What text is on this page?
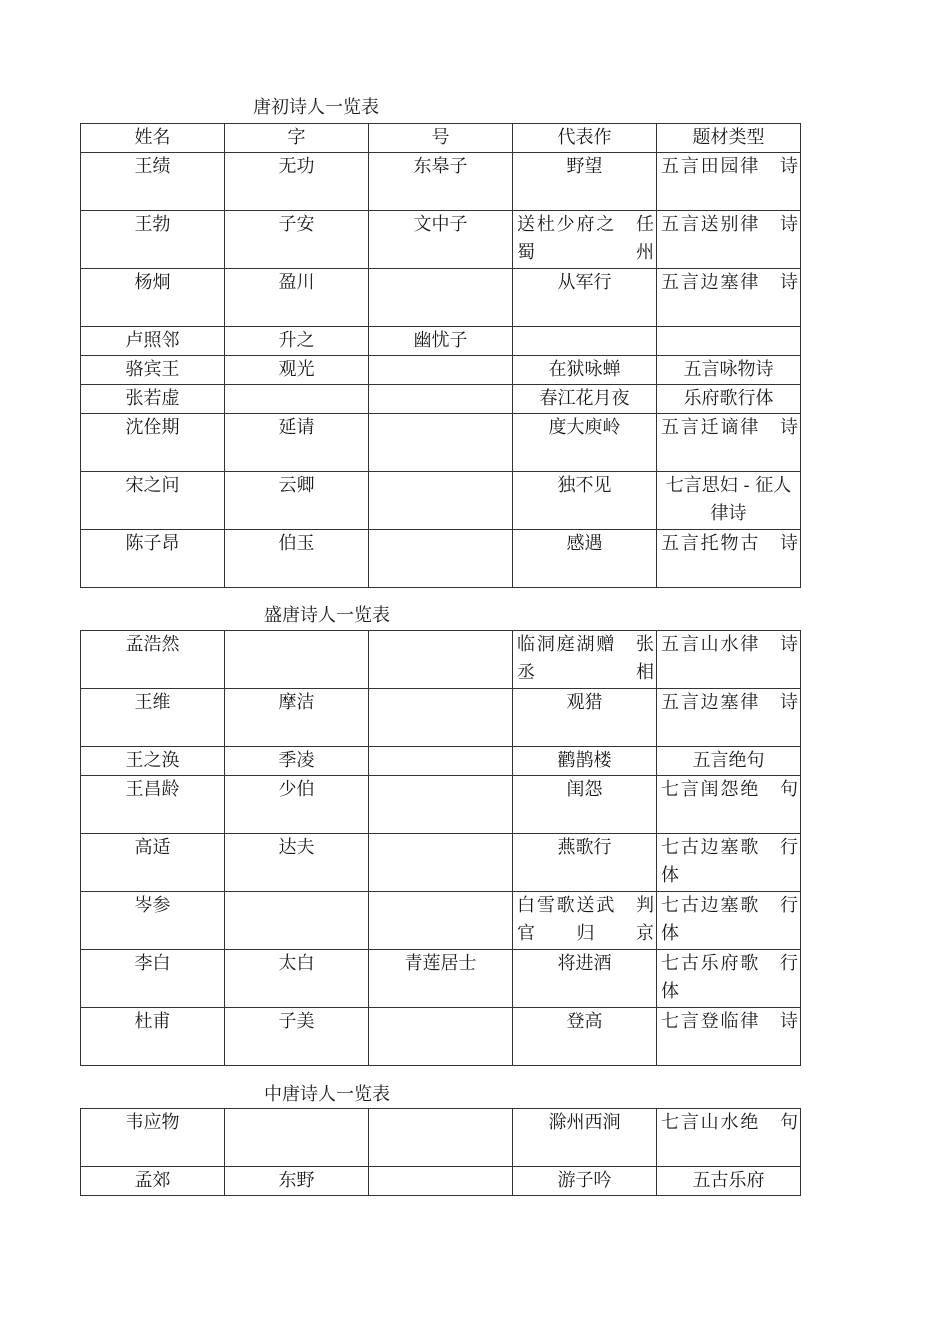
唐初诗人一览表
姓名	字	号	代表作	题材类型
王绩	无功	东皋子	野望	五言田园律　诗
王勃	子安	文中子	送杜少府之　任蜀州	五言送别律　诗
杨炯	盈川		从军行	五言边塞律　诗
卢照邻	升之	幽忧子		
骆宾王	观光		在狱咏蝉	五言咏物诗
张若虚			春江花月夜	乐府歌行体
沈佺期	延请		度大庾岭	五言迁谪律　诗
宋之问	云卿		独不见	七言思妇 - 征人律诗
陈子昂	伯玉		感遇	五言托物古　诗
盛唐诗人一览表
孟浩然			临洞庭湖赠　张丞相	五言山水律　诗
王维	摩洁		观猎	五言边塞律　诗
王之涣	季凌		鹳鹊楼	五言绝句
王昌龄	少伯		闺怨	七言闺怨绝　句
高适	达夫		燕歌行	七古边塞歌　行体
岑参			白雪歌送武　判官归京	七古边塞歌　行体
李白	太白	青莲居士	将进酒	七古乐府歌　行体
杜甫	子美		登高	七言登临律　诗
中唐诗人一览表
韦应物			滁州西涧	七言山水绝　句
孟郊	东野		游子吟	五古乐府
